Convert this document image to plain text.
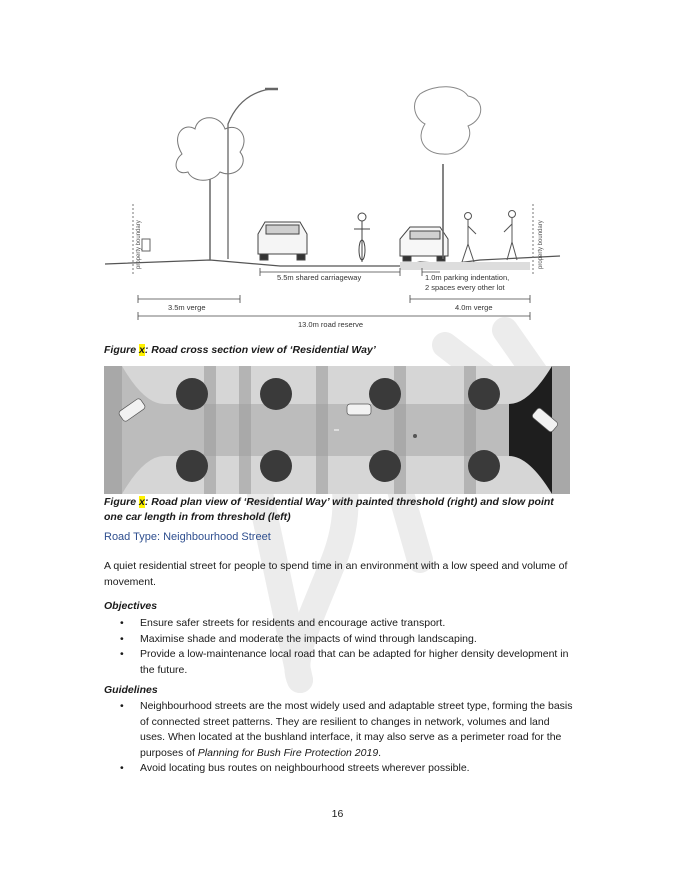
property boundary	property boundary
5.5m shared carriageway	1.0m parking indentation,
2 spaces every other lot
3.5m verge	4.0m verge
13.0m road reserve
Figure x: Road cross section view of ‘Residential Way’
Figure x: Road plan view of ‘Residential Way’ with painted threshold (right) and slow point one car length in from threshold (left)
Road Type: Neighbourhood Street
A quiet residential street for people to spend time in an environment with a low speed and volume of movement.
Objectives
• Ensure safer streets for residents and encourage active transport.
• Maximise shade and moderate the impacts of wind through landscaping.
• Provide a low-maintenance local road that can be adapted for higher density development in the future.
Guidelines
• Neighbourhood streets are the most widely used and adaptable street type, forming the basis of connected street patterns. They are resilient to changes in network, volumes and land uses. When located at the bushland interface, it may also serve as a perimeter road for the purposes of Planning for Bush Fire Protection 2019.
• Avoid locating bus routes on neighbourhood streets wherever possible.
16
